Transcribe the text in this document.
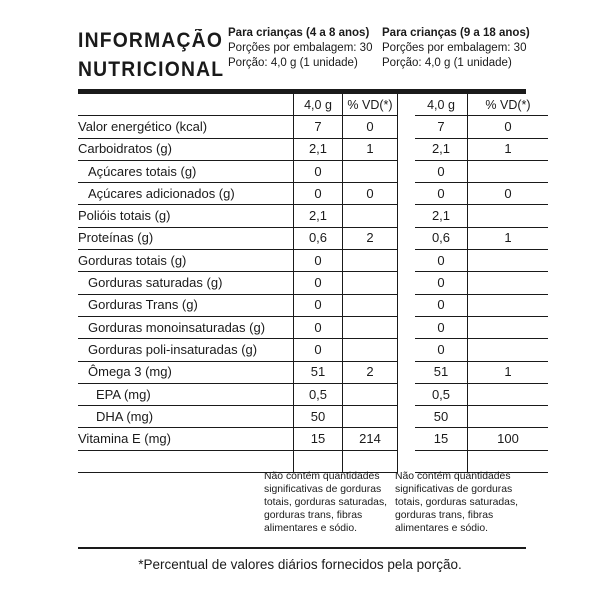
INFORMAÇÃO
NUTRICIONAL
Para crianças (4 a 8 anos)
Porções por embalagem: 30
Porção: 4,0 g (1 unidade)
Para crianças (9 a 18 anos)
Porções por embalagem: 30
Porção: 4,0 g (1 unidade)
	4,0 g	% VD(*)		4,0 g	% VD(*)
Valor energético (kcal)	7	0		7	0
Carboidratos (g)	2,1	1		2,1	1
Açúcares totais (g)	0			0	
Açúcares adicionados (g)	0	0		0	0
Polióis totais (g)	2,1			2,1	
Proteínas (g)	0,6	2		0,6	1
Gorduras totais (g)	0			0	
Gorduras saturadas (g)	0			0	
Gorduras Trans (g)	0			0	
Gorduras monoinsaturadas (g)	0			0	
Gorduras poli-insaturadas (g)	0			0	
Ômega 3 (mg)	51	2		51	1
EPA (mg)	0,5			0,5	
DHA (mg)	50			50	
Vitamina E (mg)	15	214		15	100

Não contém quantidades significativas de gorduras totais, gorduras saturadas, gorduras trans, fibras alimentares e sódio.
Não contém quantidades significativas de gorduras totais, gorduras saturadas, gorduras trans, fibras alimentares e sódio.
*Percentual de valores diários fornecidos pela porção.
